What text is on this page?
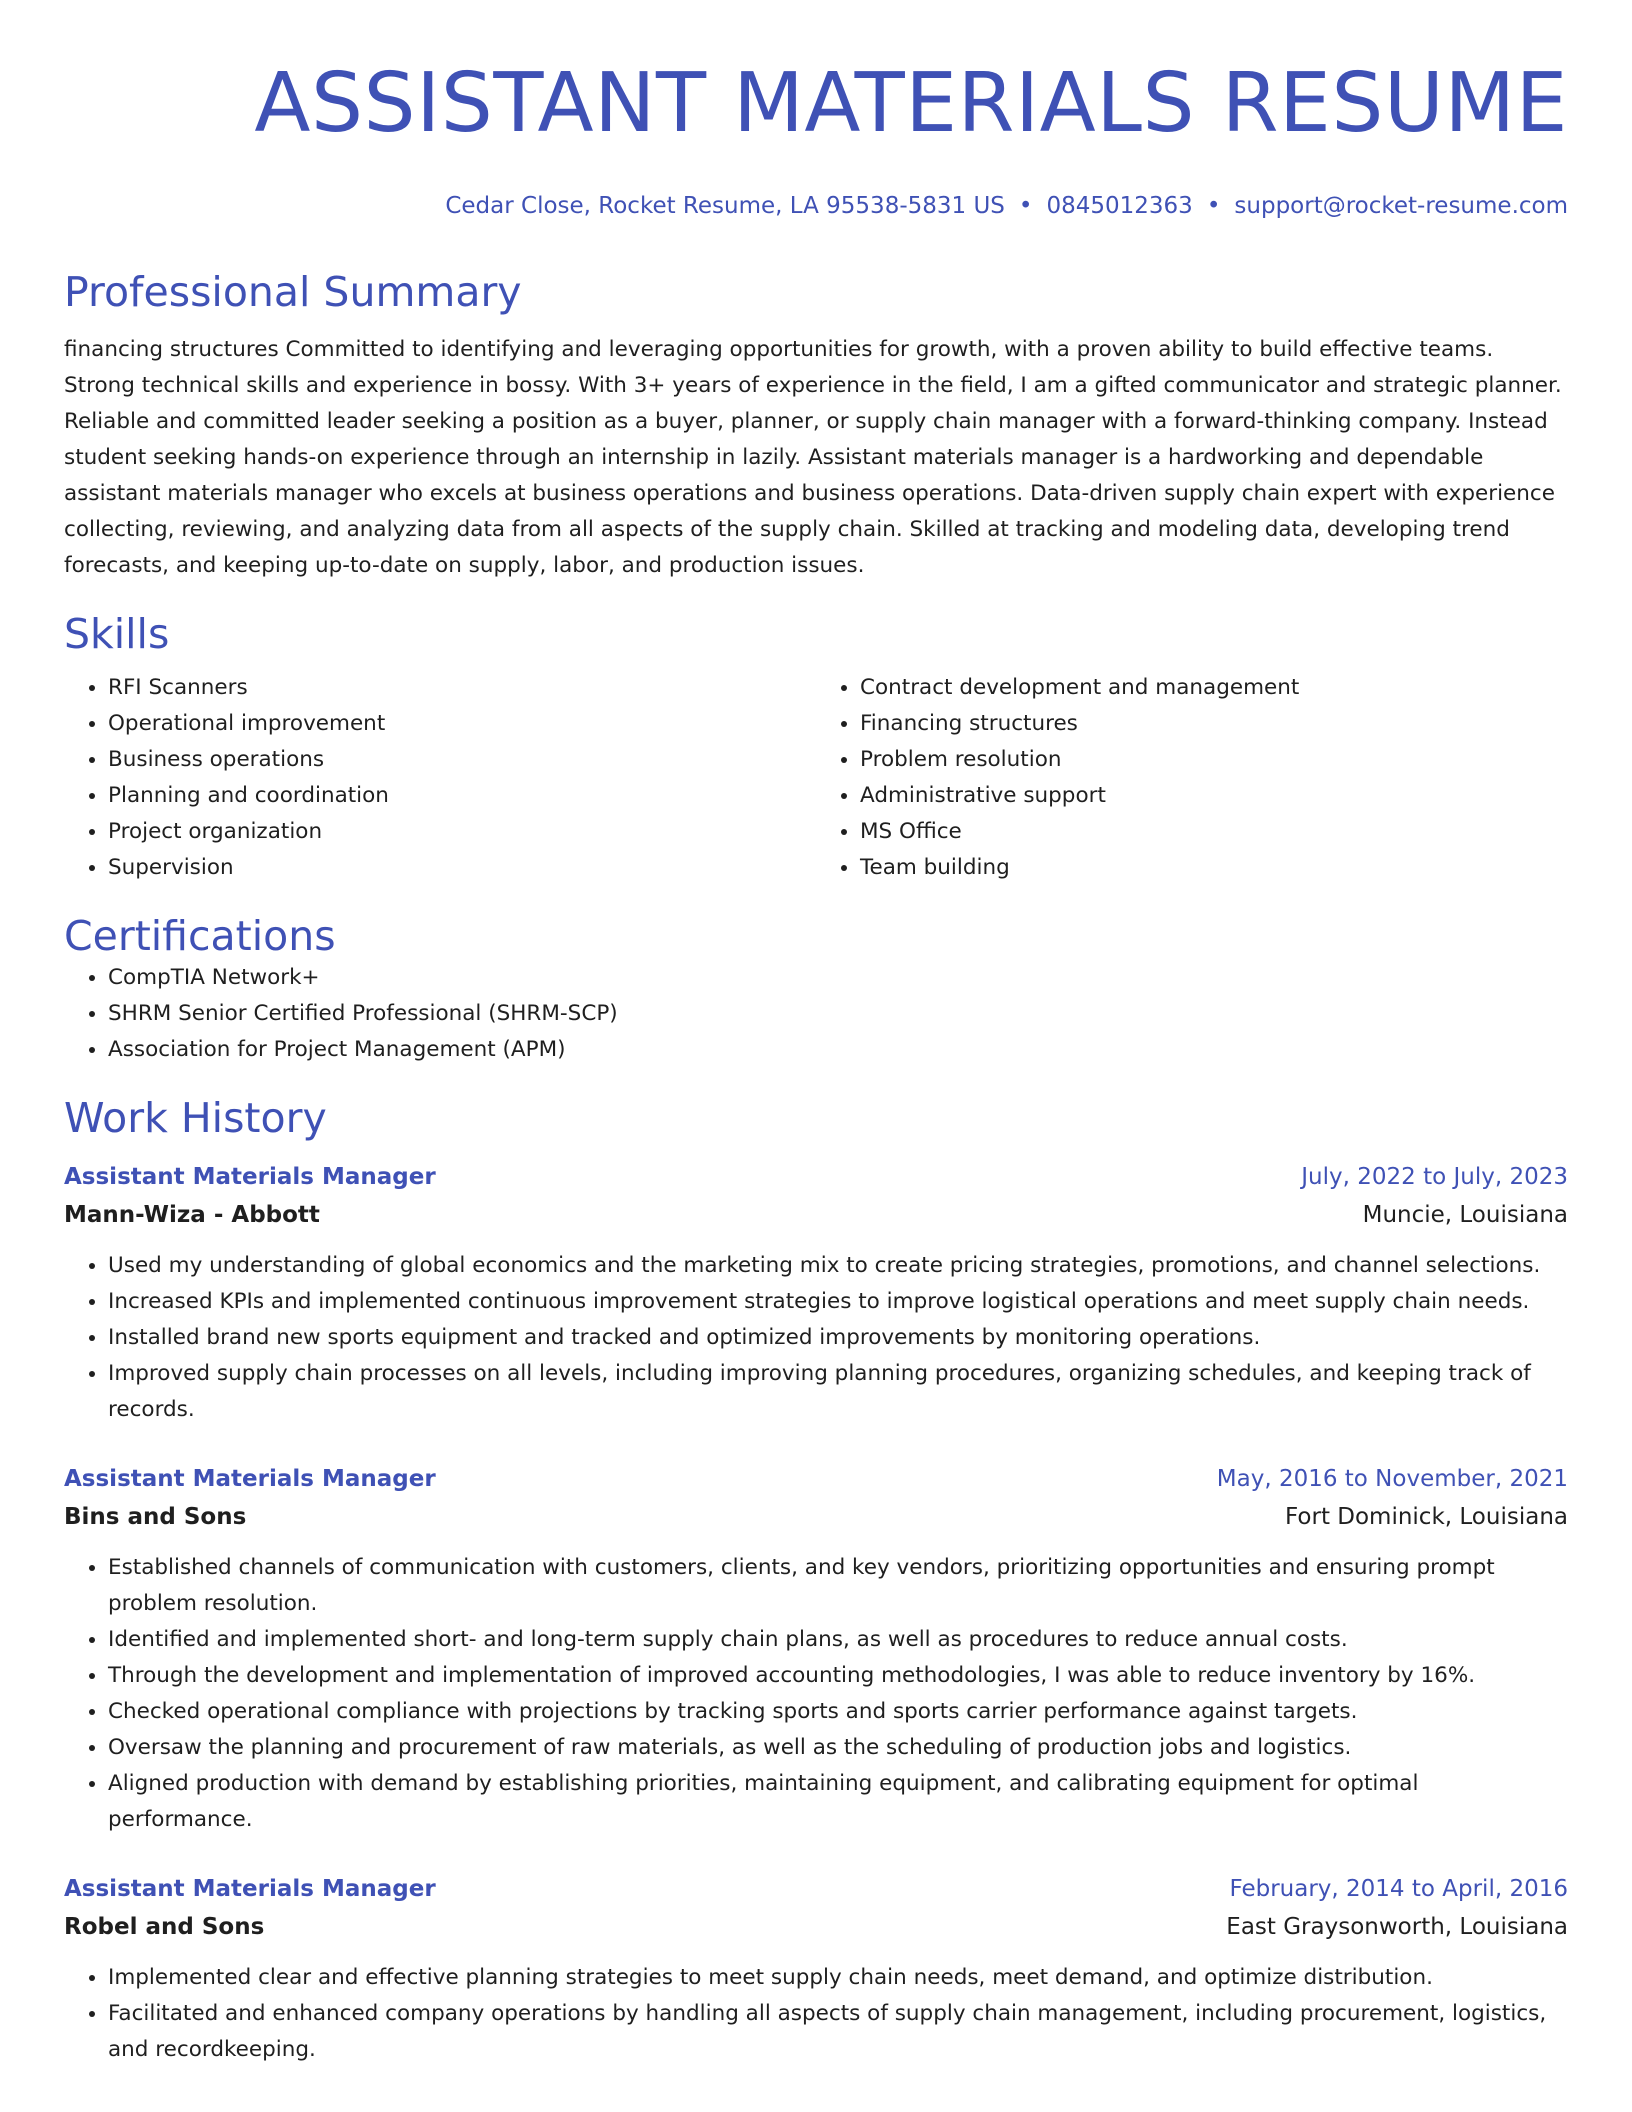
ASSISTANT MATERIALS RESUME
Cedar Close, Rocket Resume, LA 95538-5831 US • 0845012363 • support@rocket-resume.com
Professional Summary
financing structures Committed to identifying and leveraging opportunities for growth, with a proven ability to build effective teams. Strong technical skills and experience in bossy. With 3+ years of experience in the field, I am a gifted communicator and strategic planner. Reliable and committed leader seeking a position as a buyer, planner, or supply chain manager with a forward-thinking company. Instead student seeking hands-on experience through an internship in lazily. Assistant materials manager is a hardworking and dependable assistant materials manager who excels at business operations and business operations. Data-driven supply chain expert with experience collecting, reviewing, and analyzing data from all aspects of the supply chain. Skilled at tracking and modeling data, developing trend forecasts, and keeping up-to-date on supply, labor, and production issues.
Skills
• RFI Scanners
• Operational improvement
• Business operations
• Planning and coordination
• Project organization
• Supervision
• Contract development and management
• Financing structures
• Problem resolution
• Administrative support
• MS Office
• Team building
Certifications
• CompTIA Network+
• SHRM Senior Certified Professional (SHRM-SCP)
• Association for Project Management (APM)
Work History
Assistant Materials Manager	July, 2022 to July, 2023
Mann-Wiza - Abbott	Muncie, Louisiana
• Used my understanding of global economics and the marketing mix to create pricing strategies, promotions, and channel selections.
• Increased KPIs and implemented continuous improvement strategies to improve logistical operations and meet supply chain needs.
• Installed brand new sports equipment and tracked and optimized improvements by monitoring operations.
• Improved supply chain processes on all levels, including improving planning procedures, organizing schedules, and keeping track of records.
Assistant Materials Manager	May, 2016 to November, 2021
Bins and Sons	Fort Dominick, Louisiana
• Established channels of communication with customers, clients, and key vendors, prioritizing opportunities and ensuring prompt problem resolution.
• Identified and implemented short- and long-term supply chain plans, as well as procedures to reduce annual costs.
• Through the development and implementation of improved accounting methodologies, I was able to reduce inventory by 16%.
• Checked operational compliance with projections by tracking sports and sports carrier performance against targets.
• Oversaw the planning and procurement of raw materials, as well as the scheduling of production jobs and logistics.
• Aligned production with demand by establishing priorities, maintaining equipment, and calibrating equipment for optimal performance.
Assistant Materials Manager	February, 2014 to April, 2016
Robel and Sons	East Graysonworth, Louisiana
• Implemented clear and effective planning strategies to meet supply chain needs, meet demand, and optimize distribution.
• Facilitated and enhanced company operations by handling all aspects of supply chain management, including procurement, logistics, and recordkeeping.
